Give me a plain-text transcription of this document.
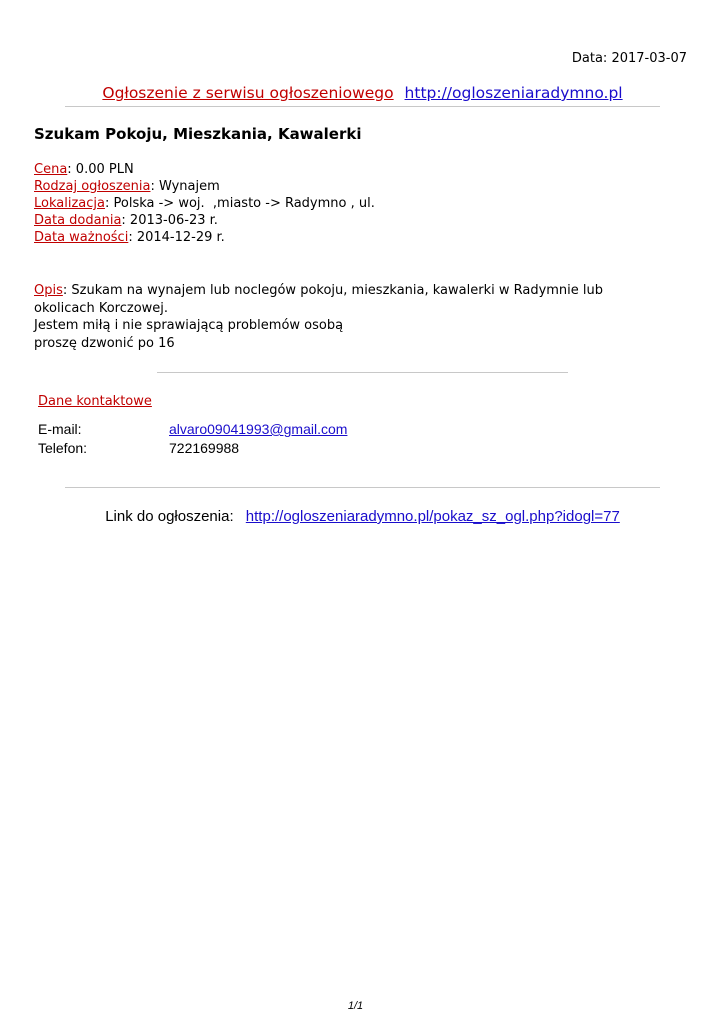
Data: 2017-03-07
Ogłoszenie z serwisu ogłoszeniowego http://ogloszeniaradymno.pl
Szukam Pokoju, Mieszkania, Kawalerki
Cena: 0.00 PLN
Rodzaj ogłoszenia: Wynajem
Lokalizacja: Polska -> woj.  ,miasto -> Radymno , ul.
Data dodania: 2013-06-23 r.
Data ważności: 2014-12-29 r.

Opis: Szukam na wynajem lub noclegów pokoju, mieszkania, kawalerki w Radymnie lub okolicach Korczowej.

Jestem miłą i nie sprawiającą problemów osobą

proszę dzwonić po 16

Dane kontaktowe
E-mail:	alvaro09041993@gmail.com
Telefon:	722169988
Link do ogłoszenia: http://ogloszeniaradymno.pl/pokaz_sz_ogl.php?idogl=77
1/1
